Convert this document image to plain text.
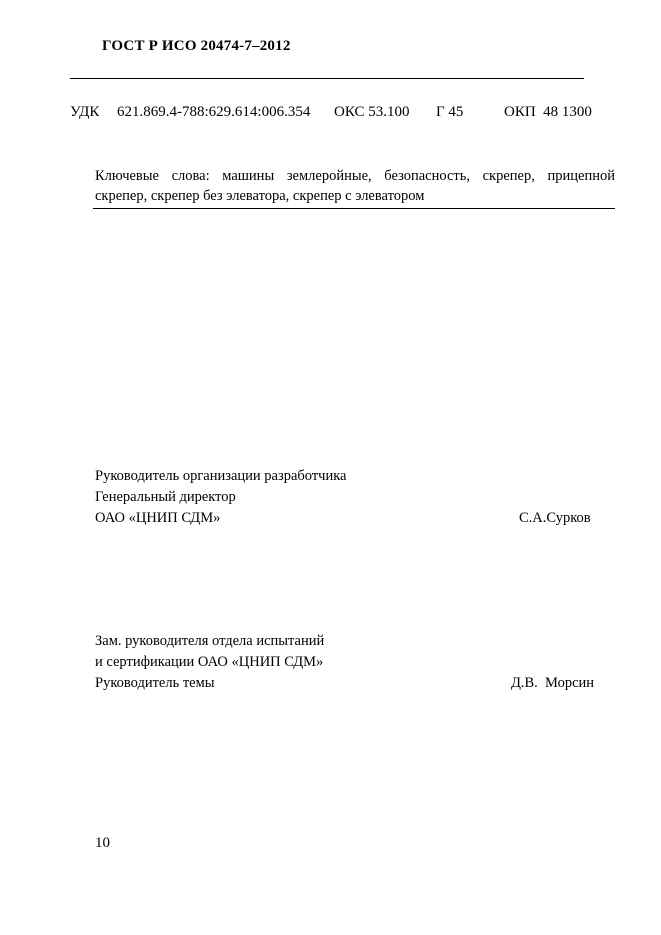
ГОСТ Р ИСО 20474-7–2012
УДК 621.869.4-788:629.614:006.354 ОКС 53.100 Г 45	ОКП  48 1300
Ключевые слова: машины землеройные, безопасность, скрепер, прицепной скрепер, скрепер без элеватора, скрепер с элеватором
Руководитель организации разработчика
Генеральный директор
ОАО «ЦНИП СДМ»	С.А.Сурков
Зам. руководителя отдела испытаний
и сертификации ОАО «ЦНИП СДМ»
Руководитель темы	Д.В.  Морсин
10
